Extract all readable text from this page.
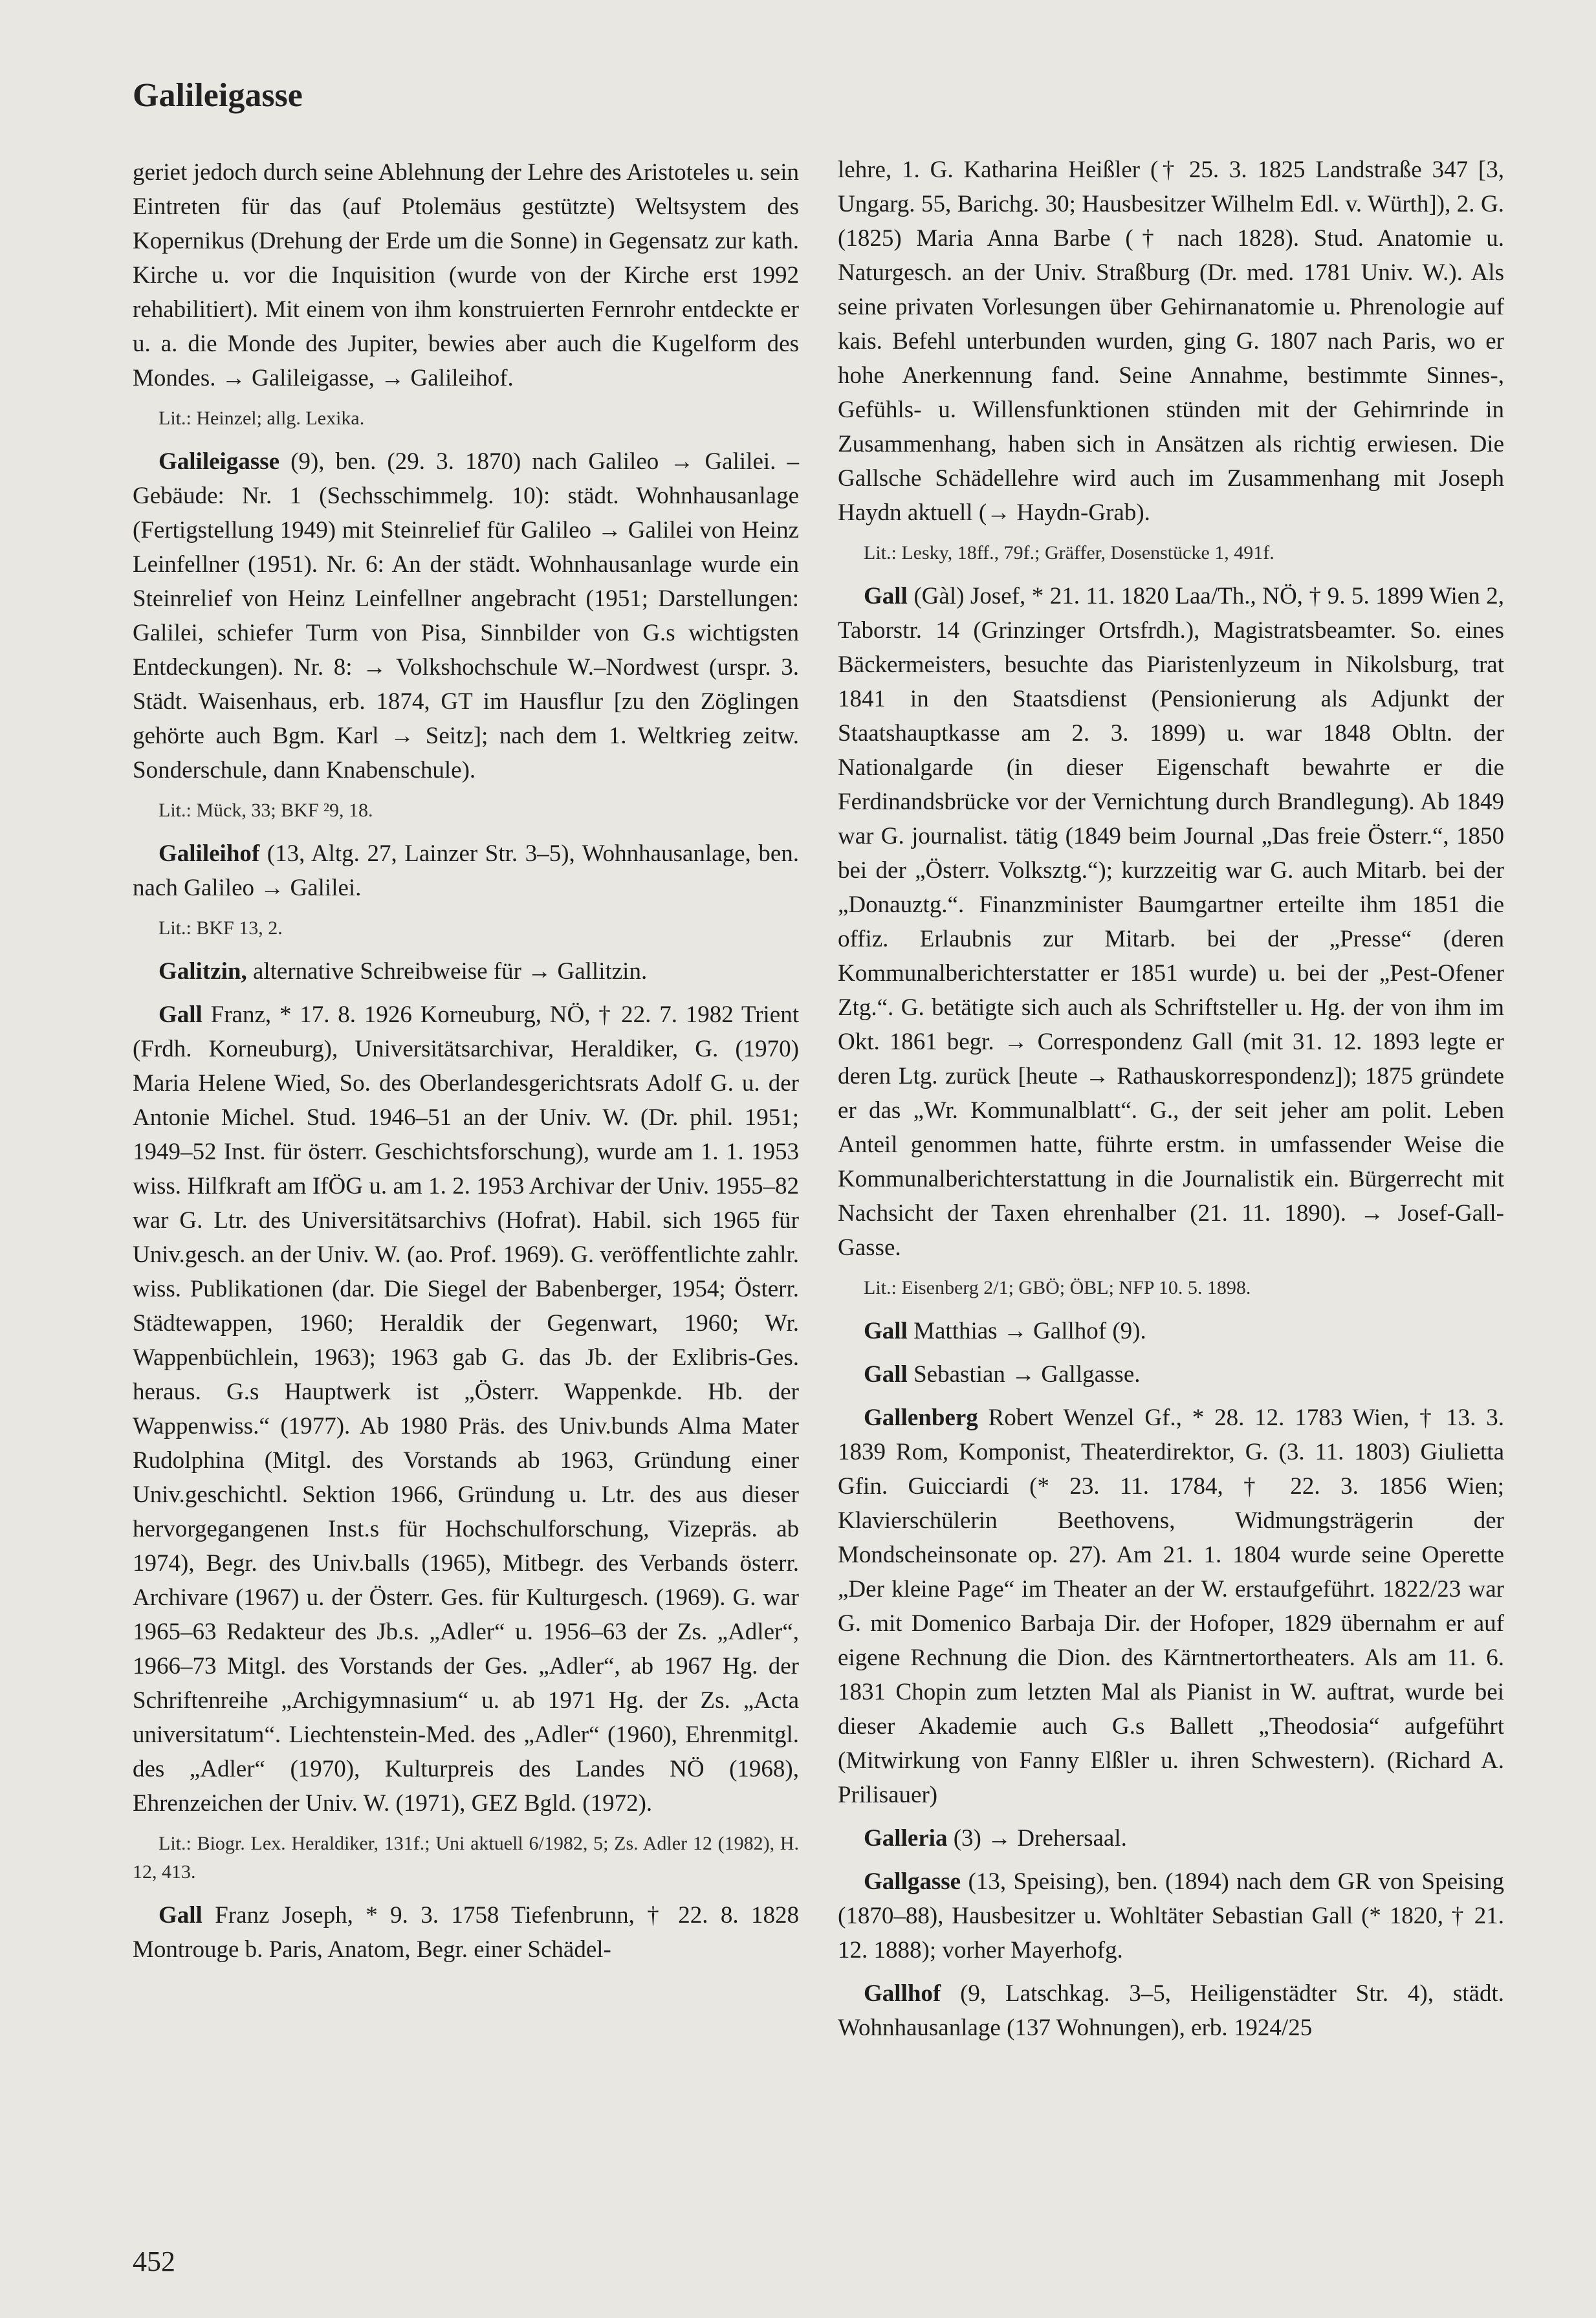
Galileigasse

geriet jedoch durch seine Ablehnung der Lehre des Aristoteles u. sein Eintreten für das (auf Ptolemäus gestützte) Weltsystem des Kopernikus (Drehung der Erde um die Sonne) in Gegensatz zur kath. Kirche u. vor die Inquisition (wurde von der Kirche erst 1992 rehabilitiert). Mit einem von ihm konstruierten Fernrohr entdeckte er u. a. die Monde des Jupiter, bewies aber auch die Kugelform des Mondes. → Galileigasse, → Galileihof.

Lit.: Heinzel; allg. Lexika.

Galileigasse (9), ben. (29. 3. 1870) nach Galileo → Galilei. – Gebäude: Nr. 1 (Sechsschimmelg. 10): städt. Wohnhausanlage (Fertigstellung 1949) mit Steinrelief für Galileo → Galilei von Heinz Leinfellner (1951). Nr. 6: An der städt. Wohnhausanlage wurde ein Steinrelief von Heinz Leinfellner angebracht (1951; Darstellungen: Galilei, schiefer Turm von Pisa, Sinnbilder von G.s wichtigsten Entdeckungen). Nr. 8: → Volkshochschule W.–Nordwest (urspr. 3. Städt. Waisenhaus, erb. 1874, GT im Hausflur [zu den Zöglingen gehörte auch Bgm. Karl → Seitz]; nach dem 1. Weltkrieg zeitw. Sonderschule, dann Knabenschule).

Lit.: Mück, 33; BKF ²9, 18.

Galileihof (13, Altg. 27, Lainzer Str. 3–5), Wohnhausanlage, ben. nach Galileo → Galilei.

Lit.: BKF 13, 2.

Galitzin, alternative Schreibweise für → Gallitzin.

Gall Franz, * 17. 8. 1926 Korneuburg, NÖ, † 22. 7. 1982 Trient (Frdh. Korneuburg), Universitätsarchivar, Heraldiker, G. (1970) Maria Helene Wied, So. des Oberlandesgerichtsrats Adolf G. u. der Antonie Michel. Stud. 1946–51 an der Univ. W. (Dr. phil. 1951; 1949–52 Inst. für österr. Geschichtsforschung), wurde am 1. 1. 1953 wiss. Hilfkraft am IfÖG u. am 1. 2. 1953 Archivar der Univ. 1955–82 war G. Ltr. des Universitätsarchivs (Hofrat). Habil. sich 1965 für Univ.gesch. an der Univ. W. (ao. Prof. 1969). G. veröffentlichte zahlr. wiss. Publikationen (dar. Die Siegel der Babenberger, 1954; Österr. Städtewappen, 1960; Heraldik der Gegenwart, 1960; Wr. Wappenbüchlein, 1963); 1963 gab G. das Jb. der Exlibris-Ges. heraus. G.s Hauptwerk ist „Österr. Wappenkde. Hb. der Wappenwiss.“ (1977). Ab 1980 Präs. des Univ.bunds Alma Mater Rudolphina (Mitgl. des Vorstands ab 1963, Gründung einer Univ.geschichtl. Sektion 1966, Gründung u. Ltr. des aus dieser hervorgegangenen Inst.s für Hochschulforschung, Vizepräs. ab 1974), Begr. des Univ.balls (1965), Mitbegr. des Verbands österr. Archivare (1967) u. der Österr. Ges. für Kulturgesch. (1969). G. war 1965–63 Redakteur des Jb.s. „Adler“ u. 1956–63 der Zs. „Adler“, 1966–73 Mitgl. des Vorstands der Ges. „Adler“, ab 1967 Hg. der Schriftenreihe „Archigymnasium“ u. ab 1971 Hg. der Zs. „Acta universitatum“. Liechtenstein-Med. des „Adler“ (1960), Ehrenmitgl. des „Adler“ (1970), Kulturpreis des Landes NÖ (1968), Ehrenzeichen der Univ. W. (1971), GEZ Bgld. (1972).

Lit.: Biogr. Lex. Heraldiker, 131f.; Uni aktuell 6/1982, 5; Zs. Adler 12 (1982), H. 12, 413.

Gall Franz Joseph, * 9. 3. 1758 Tiefenbrunn, † 22. 8. 1828 Montrouge b. Paris, Anatom, Begr. einer Schädel-

lehre, 1. G. Katharina Heißler († 25. 3. 1825 Landstraße 347 [3, Ungarg. 55, Barichg. 30; Hausbesitzer Wilhelm Edl. v. Würth]), 2. G. (1825) Maria Anna Barbe († nach 1828). Stud. Anatomie u. Naturgesch. an der Univ. Straßburg (Dr. med. 1781 Univ. W.). Als seine privaten Vorlesungen über Gehirnanatomie u. Phrenologie auf kais. Befehl unterbunden wurden, ging G. 1807 nach Paris, wo er hohe Anerkennung fand. Seine Annahme, bestimmte Sinnes-, Gefühls- u. Willensfunktionen stünden mit der Gehirnrinde in Zusammenhang, haben sich in Ansätzen als richtig erwiesen. Die Gallsche Schädellehre wird auch im Zusammenhang mit Joseph Haydn aktuell (→ Haydn-Grab).

Lit.: Lesky, 18ff., 79f.; Gräffer, Dosenstücke 1, 491f.

Gall (Gàl) Josef, * 21. 11. 1820 Laa/Th., NÖ, † 9. 5. 1899 Wien 2, Taborstr. 14 (Grinzinger Ortsfrdh.), Magistratsbeamter. So. eines Bäckermeisters, besuchte das Piaristenlyzeum in Nikolsburg, trat 1841 in den Staatsdienst (Pensionierung als Adjunkt der Staatshauptkasse am 2. 3. 1899) u. war 1848 Obltn. der Nationalgarde (in dieser Eigenschaft bewahrte er die Ferdinandsbrücke vor der Vernichtung durch Brandlegung). Ab 1849 war G. journalist. tätig (1849 beim Journal „Das freie Österr.“, 1850 bei der „Österr. Volksztg.“); kurzzeitig war G. auch Mitarb. bei der „Donauztg.“. Finanzminister Baumgartner erteilte ihm 1851 die offiz. Erlaubnis zur Mitarb. bei der „Presse“ (deren Kommunalberichterstatter er 1851 wurde) u. bei der „Pest-Ofener Ztg.“. G. betätigte sich auch als Schriftsteller u. Hg. der von ihm im Okt. 1861 begr. → Correspondenz Gall (mit 31. 12. 1893 legte er deren Ltg. zurück [heute → Rathauskorrespondenz]); 1875 gründete er das „Wr. Kommunalblatt“. G., der seit jeher am polit. Leben Anteil genommen hatte, führte erstm. in umfassender Weise die Kommunalberichterstattung in die Journalistik ein. Bürgerrecht mit Nachsicht der Taxen ehrenhalber (21. 11. 1890). → Josef-Gall-Gasse.

Lit.: Eisenberg 2/1; GBÖ; ÖBL; NFP 10. 5. 1898.

Gall Matthias → Gallhof (9).

Gall Sebastian → Gallgasse.

Gallenberg Robert Wenzel Gf., * 28. 12. 1783 Wien, † 13. 3. 1839 Rom, Komponist, Theaterdirektor, G. (3. 11. 1803) Giulietta Gfin. Guicciardi (* 23. 11. 1784, † 22. 3. 1856 Wien; Klavierschülerin Beethovens, Widmungsträgerin der Mondscheinsonate op. 27). Am 21. 1. 1804 wurde seine Operette „Der kleine Page“ im Theater an der W. erstaufgeführt. 1822/23 war G. mit Domenico Barbaja Dir. der Hofoper, 1829 übernahm er auf eigene Rechnung die Dion. des Kärntnertortheaters. Als am 11. 6. 1831 Chopin zum letzten Mal als Pianist in W. auftrat, wurde bei dieser Akademie auch G.s Ballett „Theodosia“ aufgeführt (Mitwirkung von Fanny Elßler u. ihren Schwestern). (Richard A. Prilisauer)

Galleria (3) → Drehersaal.

Gallgasse (13, Speising), ben. (1894) nach dem GR von Speising (1870–88), Hausbesitzer u. Wohltäter Sebastian Gall (* 1820, † 21. 12. 1888); vorher Mayerhofg.

Gallhof (9, Latschkag. 3–5, Heiligenstädter Str. 4), städt. Wohnhausanlage (137 Wohnungen), erb. 1924/25

452
